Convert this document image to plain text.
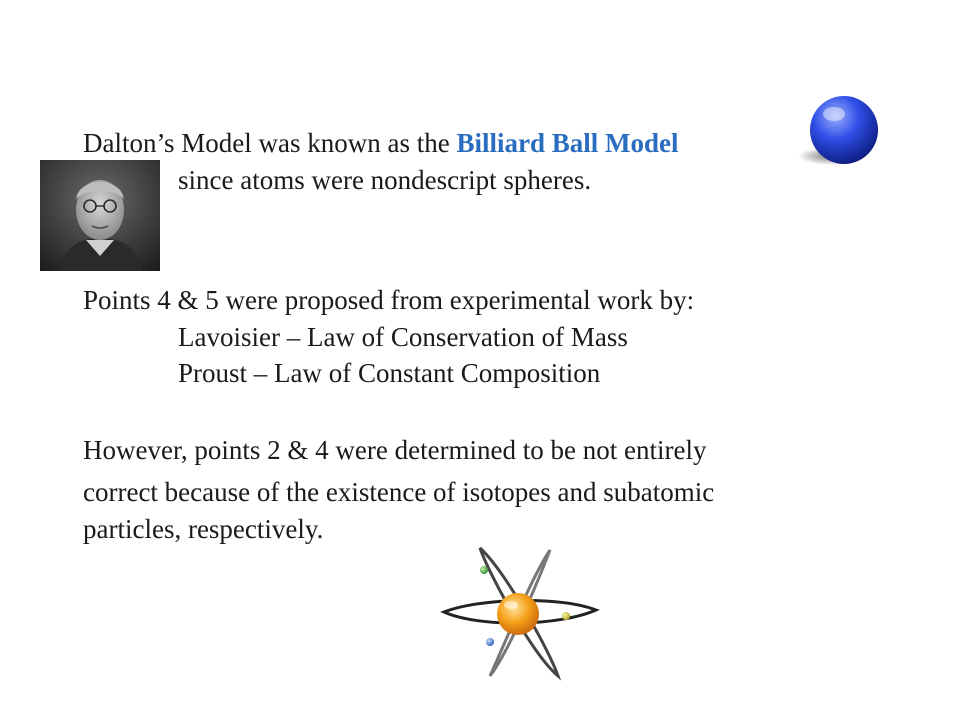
Dalton’s Model was known as the Billiard Ball Model

since atoms were nondescript spheres.

Points 4 & 5 were proposed from experimental work by:

Lavoisier – Law of Conservation of Mass

Proust – Law of Constant Composition

However, points 2 & 4 were determined to be not entirely

correct because of the existence of isotopes and subatomic

particles, respectively.
